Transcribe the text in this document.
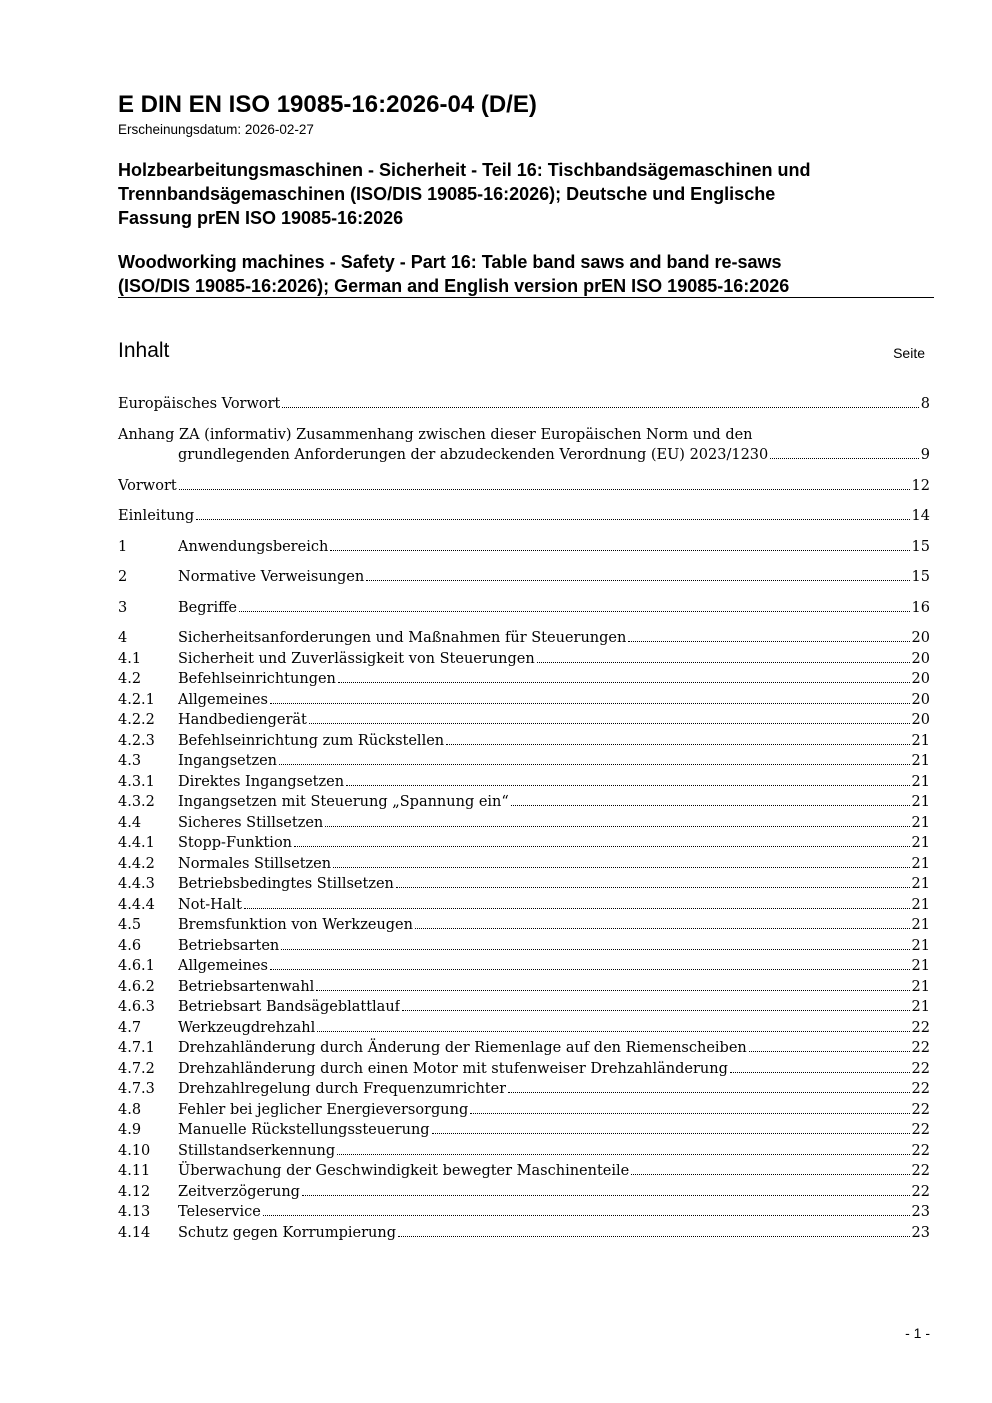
E DIN EN ISO 19085-16:2026-04 (D/E)
Erscheinungsdatum: 2026-02-27
Holzbearbeitungsmaschinen - Sicherheit - Teil 16: Tischbandsägemaschinen und
Trennbandsägemaschinen (ISO/DIS 19085-16:2026); Deutsche und Englische
Fassung prEN ISO 19085-16:2026
Woodworking machines - Safety - Part 16: Table band saws and band re-saws
(ISO/DIS 19085-16:2026); German and English version prEN ISO 19085-16:2026
Inhalt	Seite
Europäisches Vorwort	8
Anhang ZA (informativ) Zusammenhang zwischen dieser Europäischen Norm und den
grundlegenden Anforderungen der abzudeckenden Verordnung (EU) 2023/1230	9
Vorwort	12
Einleitung	14
1	Anwendungsbereich	15
2	Normative Verweisungen	15
3	Begriffe	16
4	Sicherheitsanforderungen und Maßnahmen für Steuerungen	20
4.1	Sicherheit und Zuverlässigkeit von Steuerungen	20
4.2	Befehlseinrichtungen	20
4.2.1	Allgemeines	20
4.2.2	Handbediengerät	20
4.2.3	Befehlseinrichtung zum Rückstellen	21
4.3	Ingangsetzen	21
4.3.1	Direktes Ingangsetzen	21
4.3.2	Ingangsetzen mit Steuerung „Spannung ein“	21
4.4	Sicheres Stillsetzen	21
4.4.1	Stopp-Funktion	21
4.4.2	Normales Stillsetzen	21
4.4.3	Betriebsbedingtes Stillsetzen	21
4.4.4	Not-Halt	21
4.5	Bremsfunktion von Werkzeugen	21
4.6	Betriebsarten	21
4.6.1	Allgemeines	21
4.6.2	Betriebsartenwahl	21
4.6.3	Betriebsart Bandsägeblattlauf	21
4.7	Werkzeugdrehzahl	22
4.7.1	Drehzahländerung durch Änderung der Riemenlage auf den Riemenscheiben	22
4.7.2	Drehzahländerung durch einen Motor mit stufenweiser Drehzahländerung	22
4.7.3	Drehzahlregelung durch Frequenzumrichter	22
4.8	Fehler bei jeglicher Energieversorgung	22
4.9	Manuelle Rückstellungssteuerung	22
4.10	Stillstandserkennung	22
4.11	Überwachung der Geschwindigkeit bewegter Maschinenteile	22
4.12	Zeitverzögerung	22
4.13	Teleservice	23
4.14	Schutz gegen Korrumpierung	23
- 1 -
